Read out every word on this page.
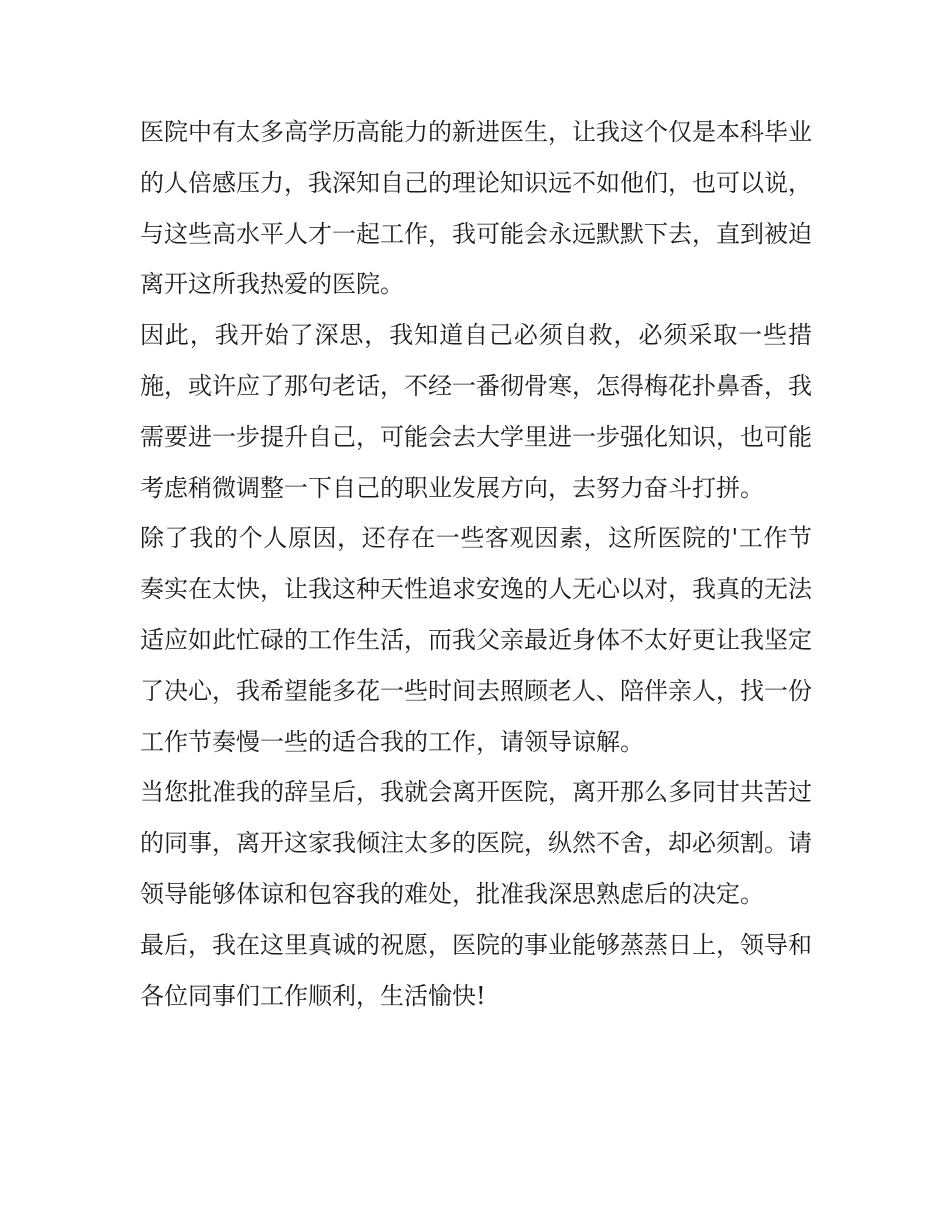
医院中有太多高学历高能力的新进医生，让我这个仅是本科毕业的人倍感压力，我深知自己的理论知识远不如他们，也可以说，与这些高水平人才一起工作，我可能会永远默默下去，直到被迫离开这所我热爱的医院。

因此，我开始了深思，我知道自己必须自救，必须采取一些措施，或许应了那句老话，不经一番彻骨寒，怎得梅花扑鼻香，我需要进一步提升自己，可能会去大学里进一步强化知识，也可能考虑稍微调整一下自己的职业发展方向，去努力奋斗打拼。

除了我的个人原因，还存在一些客观因素，这所医院的'工作节奏实在太快，让我这种天性追求安逸的人无心以对，我真的无法适应如此忙碌的工作生活，而我父亲最近身体不太好更让我坚定了决心，我希望能多花一些时间去照顾老人、陪伴亲人，找一份工作节奏慢一些的适合我的工作，请领导谅解。

当您批准我的辞呈后，我就会离开医院，离开那么多同甘共苦过的同事，离开这家我倾注太多的医院，纵然不舍，却必须割。请领导能够体谅和包容我的难处，批准我深思熟虑后的决定。

最后，我在这里真诚的祝愿，医院的事业能够蒸蒸日上，领导和各位同事们工作顺利，生活愉快!
